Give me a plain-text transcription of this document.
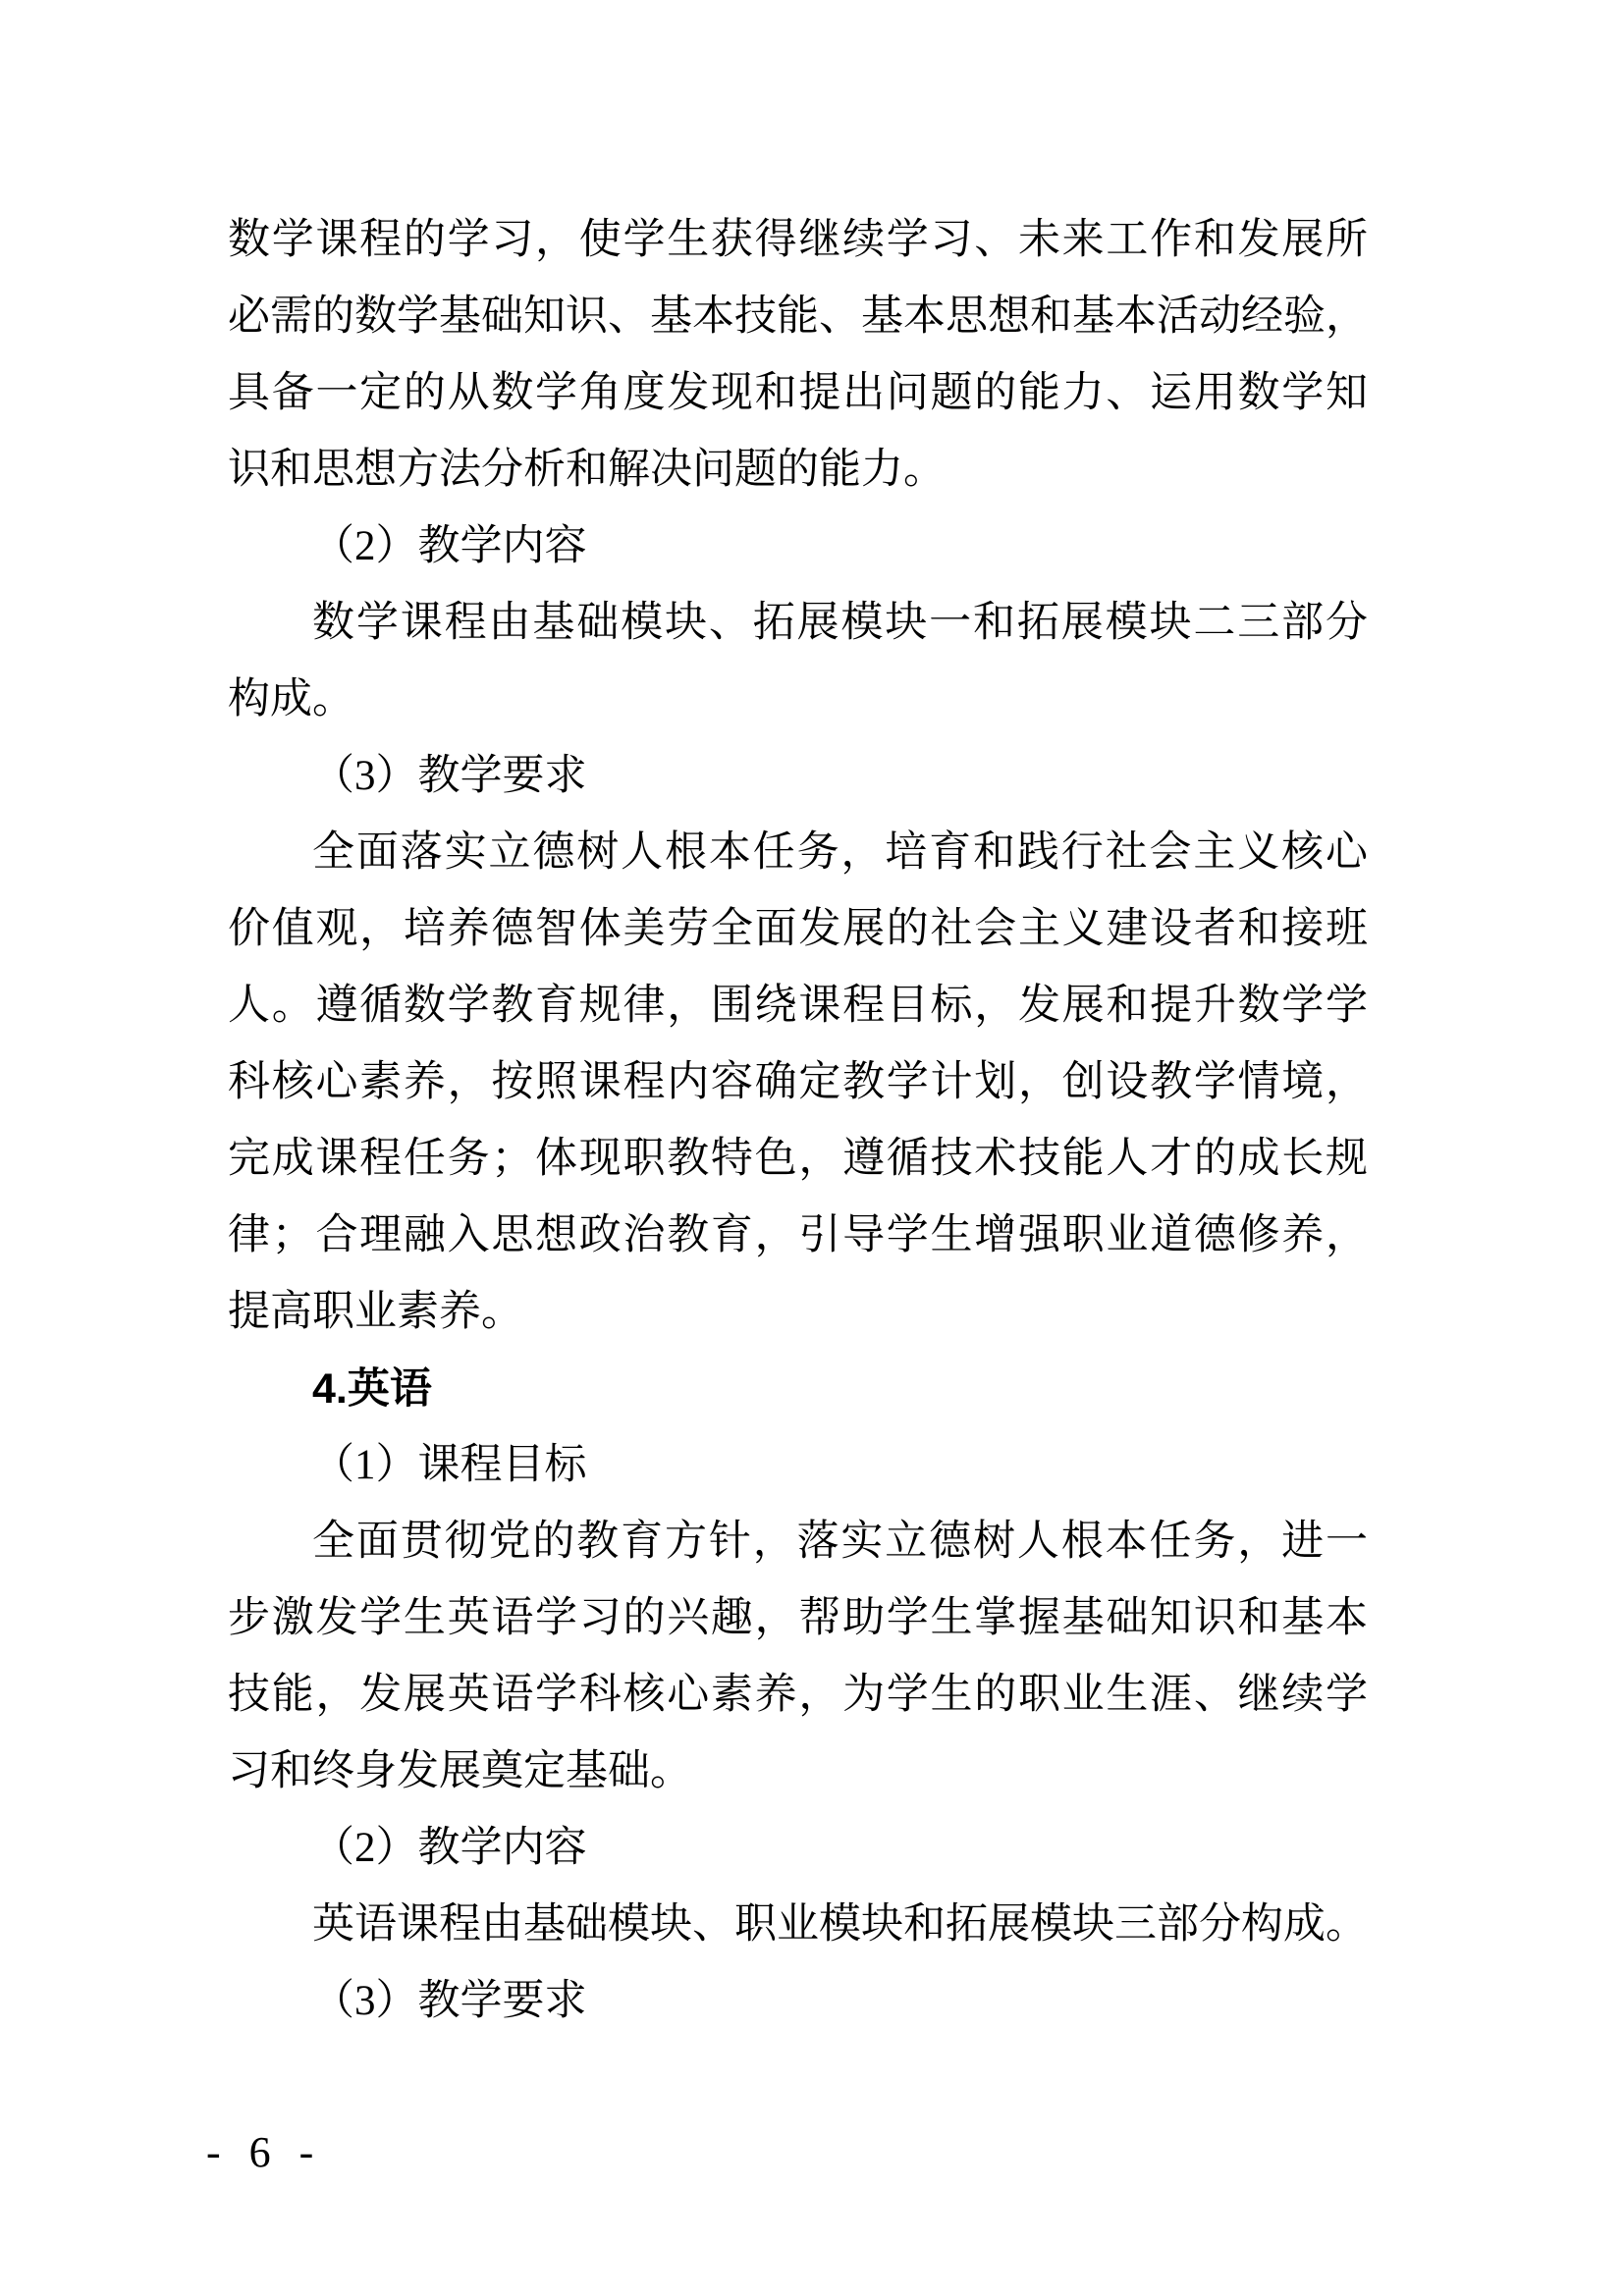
数学课程的学习，使学生获得继续学习、未来工作和发展所
必需的数学基础知识、基本技能、基本思想和基本活动经验，
具备一定的从数学角度发现和提出问题的能力、运用数学知
识和思想方法分析和解决问题的能力。
（2）教学内容
数学课程由基础模块、拓展模块一和拓展模块二三部分
构成。
（3）教学要求
全面落实立德树人根本任务，培育和践行社会主义核心
价值观，培养德智体美劳全面发展的社会主义建设者和接班
人。遵循数学教育规律，围绕课程目标，发展和提升数学学
科核心素养，按照课程内容确定教学计划，创设教学情境，
完成课程任务；体现职教特色，遵循技术技能人才的成长规
律；合理融入思想政治教育，引导学生增强职业道德修养，
提高职业素养。
4.英语
（1）课程目标
全面贯彻党的教育方针，落实立德树人根本任务，进一
步激发学生英语学习的兴趣，帮助学生掌握基础知识和基本
技能，发展英语学科核心素养，为学生的职业生涯、继续学
习和终身发展奠定基础。
（2）教学内容
英语课程由基础模块、职业模块和拓展模块三部分构成。
（3）教学要求
- 6 -
